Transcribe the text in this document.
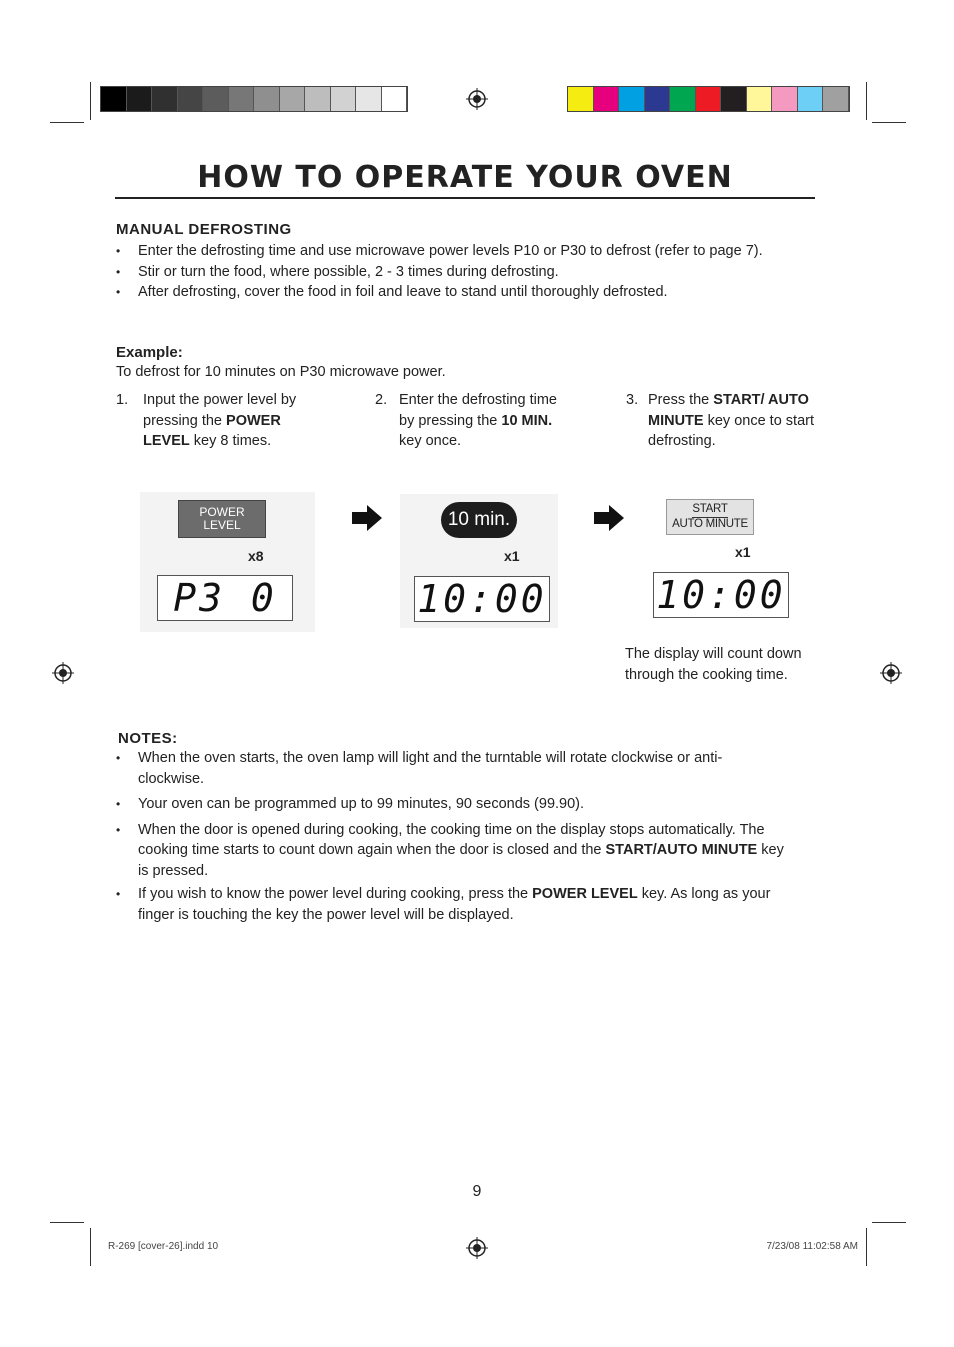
HOW TO OPERATE YOUR OVEN
MANUAL DEFROSTING
• Enter the defrosting time and use microwave power levels P10 or P30 to defrost (refer to page 7).
• Stir or turn the food, where possible, 2 - 3 times during defrosting.
• After defrosting, cover the food in foil and leave to stand until thoroughly defrosted.
Example:
To defrost for 10 minutes on P30 microwave power.
1.	Input the power level by pressing the POWER LEVEL key 8 times.
2. Enter the defrosting time by pressing the 10 MIN. key once.
3. Press the START/ AUTO MINUTE key once to start defrosting.
POWER
LEVEL
x8
P3 0
10 min.
x1
10:00
START
AUTO MINUTE
x1
10:00
The display will count down through the cooking time.
NOTES:
• When the oven starts, the oven lamp will light and the turntable will rotate clockwise or anti-clockwise.
• Your oven can be programmed up to 99 minutes, 90 seconds (99.90).
• When the door is opened during cooking, the cooking time on the display stops automatically. The cooking time starts to count down again when the door is closed and the START/AUTO MINUTE key is pressed.
• If you wish to know the power level during cooking, press the POWER LEVEL key. As long as your finger is touching the key the power level will be displayed.
9
R-269 [cover-26].indd 10	7/23/08 11:02:58 AM
